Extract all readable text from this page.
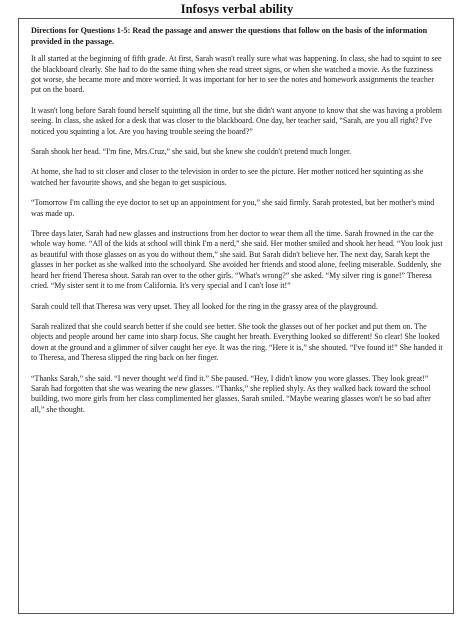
Infosys verbal ability

Directions for Questions 1-5: Read the passage and answer the questions that follow on the basis of the information provided in the passage.

It all started at the beginning of fifth grade. At first, Sarah wasn't really sure what was happening. In class, she had to squint to see the blackboard clearly. She had to do the same thing when she read street signs, or when she watched a movie. As the fuzziness got worse, she became more and more worried. It was important for her to see the notes and homework assignments the teacher put on the board.

It wasn't long before Sarah found herself squinting all the time, but she didn't want anyone to know that she was having a problem seeing. In class, she asked for a desk that was closer to the blackboard. One day, her teacher said, “Sarah, are you all right? I've noticed you squinting a lot. Are you having trouble seeing the board?”

Sarah shook her head. “I'm fine, Mrs.Cruz,” she said, but she knew she couldn't pretend much longer.

At home, she had to sit closer and closer to the television in order to see the picture. Her mother noticed her squinting as she watched her favourite shows, and she began to get suspicious.

“Tomorrow I'm calling the eye doctor to set up an appointment for you,” she said firmly. Sarah protested, but her mother's mind was made up.

Three days later, Sarah had new glasses and instructions from her doctor to wear them all the time. Sarah frowned in the car the whole way home. “All of the kids at school will think I'm a nerd,” she said. Her mother smiled and shook her head. “You look just as beautiful with those glasses on as you do without them,” she said. But Sarah didn't believe her. The next day, Sarah kept the glasses in her pocket as she walked into the schoolyard. She avoided her friends and stood alone, feeling miserable. Suddenly, she heard her friend Theresa shout. Sarah ran over to the other girls. “What's wrong?” she asked. “My silver ring is gone!” Theresa cried. “My sister sent it to me from California. It's very special and I can't lose it!”

Sarah could tell that Theresa was very upset. They all looked for the ring in the grassy area of the playground.

Sarah realized that she could search better if she could see better. She took the glasses out of her pocket and put them on. The objects and people around her came into sharp focus. She caught her breath. Everything looked so different! So clear! She looked down at the ground and a glimmer of silver caught her eye. It was the ring. “Here it is,” she shouted. “I've found it!” She handed it to Theresa, and Theresa slipped the ring back on her finger.

“Thanks Sarah,” she said. “I never thought we'd find it.” She paused. “Hey, I didn't know you wore glasses. They look great!” Sarah had forgotten that she was wearing the new glasses. “Thanks,” she replied shyly. As they walked back toward the school building, two more girls from her class complimented her glasses. Sarah smiled. “Maybe wearing glasses won't be so bad after all,” she thought.
